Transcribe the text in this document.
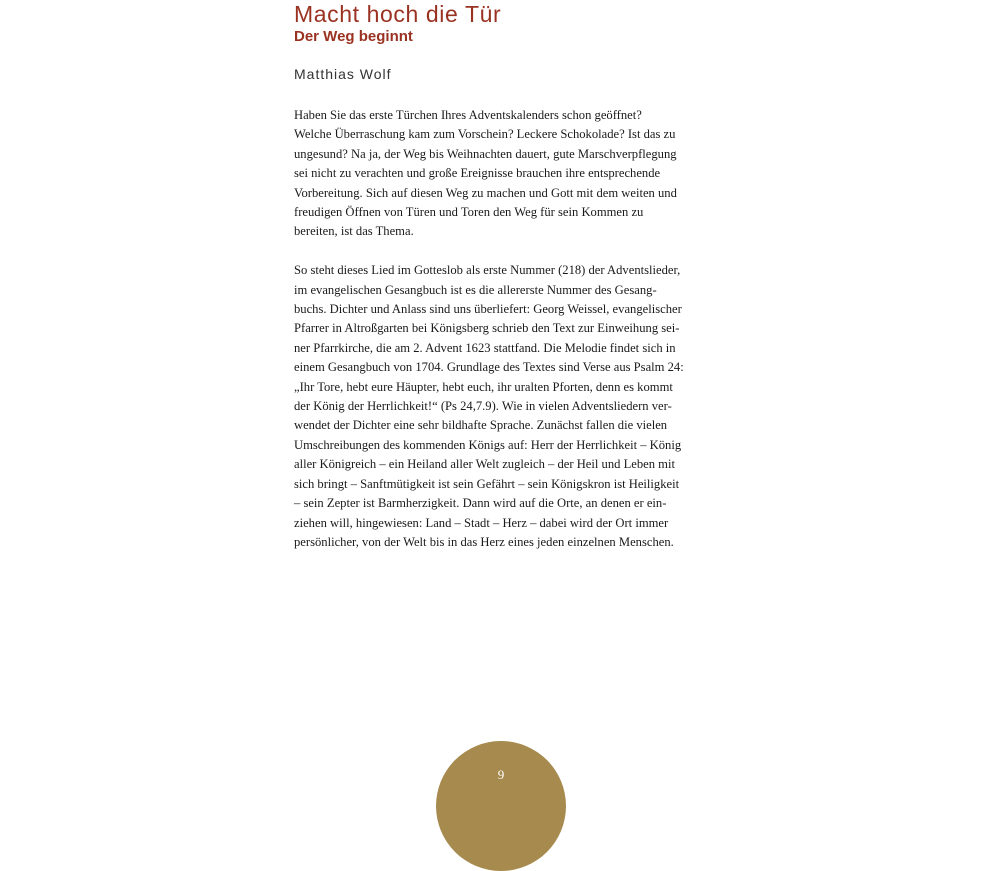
Macht hoch die Tür
Der Weg beginnt
Matthias Wolf

Haben Sie das erste Türchen Ihres Adventskalenders schon geöffnet?
Welche Überraschung kam zum Vorschein? Leckere Schokolade? Ist das zu
ungesund? Na ja, der Weg bis Weihnachten dauert, gute Marschverpflegung
sei nicht zu verachten und große Ereignisse brauchen ihre entsprechende
Vorbereitung. Sich auf diesen Weg zu machen und Gott mit dem weiten und
freudigen Öffnen von Türen und Toren den Weg für sein Kommen zu
bereiten, ist das Thema.

So steht dieses Lied im Gotteslob als erste Nummer (218) der Adventslieder,
im evangelischen Gesangbuch ist es die allererste Nummer des Gesang-
buchs. Dichter und Anlass sind uns überliefert: Georg Weissel, evangelischer
Pfarrer in Altroßgarten bei Königsberg schrieb den Text zur Einweihung sei-
ner Pfarrkirche, die am 2. Advent 1623 stattfand. Die Melodie findet sich in
einem Gesangbuch von 1704. Grundlage des Textes sind Verse aus Psalm 24:
„Ihr Tore, hebt eure Häupter, hebt euch, ihr uralten Pforten, denn es kommt
der König der Herrlichkeit!“ (Ps 24,7.9). Wie in vielen Adventsliedern ver-
wendet der Dichter eine sehr bildhafte Sprache. Zunächst fallen die vielen
Umschreibungen des kommenden Königs auf: Herr der Herrlichkeit – König
aller Königreich – ein Heiland aller Welt zugleich – der Heil und Leben mit
sich bringt – Sanftmütigkeit ist sein Gefährt – sein Königskron ist Heiligkeit
– sein Zepter ist Barmherzigkeit. Dann wird auf die Orte, an denen er ein-
ziehen will, hingewiesen: Land – Stadt – Herz – dabei wird der Ort immer
persönlicher, von der Welt bis in das Herz eines jeden einzelnen Menschen.

9
